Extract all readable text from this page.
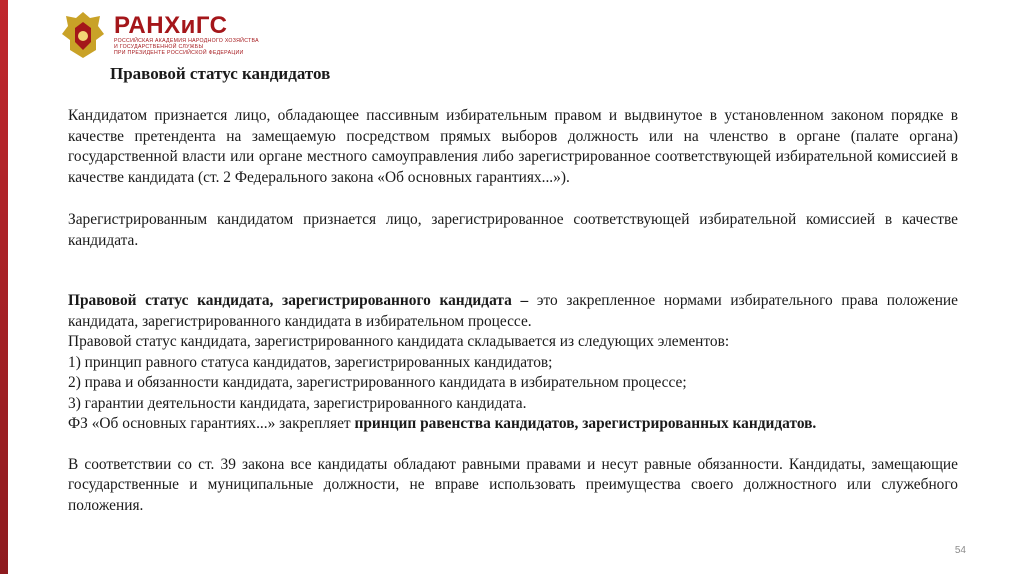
РАНХиГС
РОССИЙСКАЯ АКАДЕМИЯ НАРОДНОГО ХОЗЯЙСТВА
И ГОСУДАРСТВЕННОЙ СЛУЖБЫ
ПРИ ПРЕЗИДЕНТЕ РОССИЙСКОЙ ФЕДЕРАЦИИ
Правовой статус кандидатов

Кандидатом признается лицо, обладающее пассивным избирательным правом и выдвинутое в установленном законом порядке в качестве претендента на замещаемую посредством прямых выборов должность или на членство в органе (палате органа) государственной власти или органе местного самоуправления либо зарегистрированное соответствующей избирательной комиссией в качестве кандидата (ст. 2 Федерального закона «Об основных гарантиях...»).

Зарегистрированным кандидатом признается лицо, зарегистрированное соответствующей избирательной комиссией в качестве кандидата.

Правовой статус кандидата, зарегистрированного кандидата – это закрепленное нормами избирательного права положение кандидата, зарегистрированного кандидата в избирательном процессе.

Правовой статус кандидата, зарегистрированного кандидата складывается из следующих элементов:

1) принцип равного статуса кандидатов, зарегистрированных кандидатов;

2) права и обязанности кандидата, зарегистрированного кандидата в избирательном процессе;

3) гарантии деятельности кандидата, зарегистрированного кандидата.

ФЗ «Об основных гарантиях...» закрепляет принцип равенства кандидатов, зарегистрированных кандидатов.

В соответствии со ст. 39 закона все кандидаты обладают равными правами и несут равные обязанности. Кандидаты, замещающие государственные и муниципальные должности, не вправе использовать преимущества своего должностного или служебного положения.

54
